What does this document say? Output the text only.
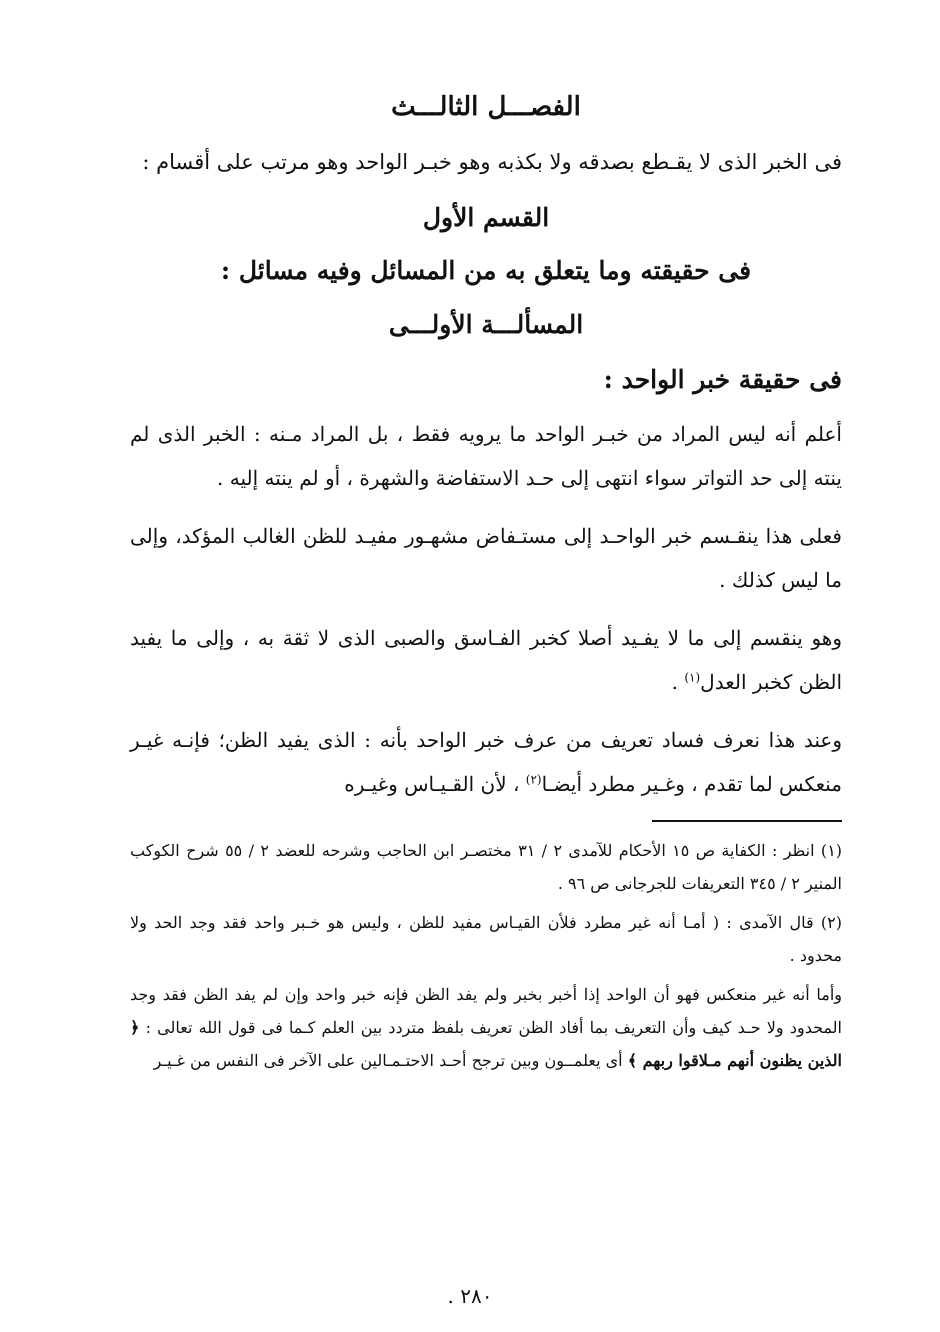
الفصـــل الثالـــث

فى الخبر الذى لا يقـطع بصدقه ولا بكذبه وهو خبـر الواحد وهو مرتب على أقسام :

القسم الأول
فى حقيقته وما يتعلق به من المسائل وفيه مسائل :
المسألـــة الأولـــى
فى حقيقة خبر الواحد :

أعلم أنه ليس المراد من خبـر الواحد ما يرويه فقط ، بل المراد مـنه : الخبر الذى لم ينته إلى حد التواتر سواء انتهى إلى حـد الاستفاضة والشهرة ، أو لم ينته إليه .

فعلى هذا ينقـسم خبر الواحـد إلى مستـفاض مشهـور مفيـد للظن الغالب المؤكد، وإلى ما ليس كذلك .

وهو ينقسم إلى ما لا يفـيد أصلا كخبر الفـاسق والصبى الذى لا ثقة به ، وإلى ما يفيد الظن كخبر العدل$^{(١)}$ .

وعند هذا نعرف فساد تعريف من عرف خبر الواحد بأنه : الذى يفيد الظن؛ فإنـه غيـر منعكس لما تقدم ، وغـير مطرد أيضـا$^{(٢)}$ ، لأن القـيـاس وغيـره

(١) انظر : الكفاية ص ١٥ الأحكام للآمدى ٢ / ٣١ مختصـر ابن الحاجب وشرحه للعضد ٢ / ٥٥ شرح الكوكب المنير ٢ / ٣٤٥ التعريفات للجرجانى ص ٩٦ .

(٢) قال الآمدى : ( أمـا أنه غير مطرد فلأن القيـاس مفيد للظن ، وليس هو خـبر واحد فقد وجد الحد ولا محدود .

وأما أنه غير منعكس فهو أن الواحد إذا أخبر بخبر ولم يفد الظن فإنه خبر واحد وإن لم يفد الظن فقد وجد المحدود ولا حـد كيف وأن التعريف بما أفاد الظن تعريف بلفظ متردد بين العلم كـما فى قول الله تعالى : ﴿ الذين يظنون أنهم مـلاقوا ربهم ﴾ أى يعلمــون وبين ترجح أحـد الاحتـمـالين على الآخر فى النفس من غـيـر

٢٨٠ .
